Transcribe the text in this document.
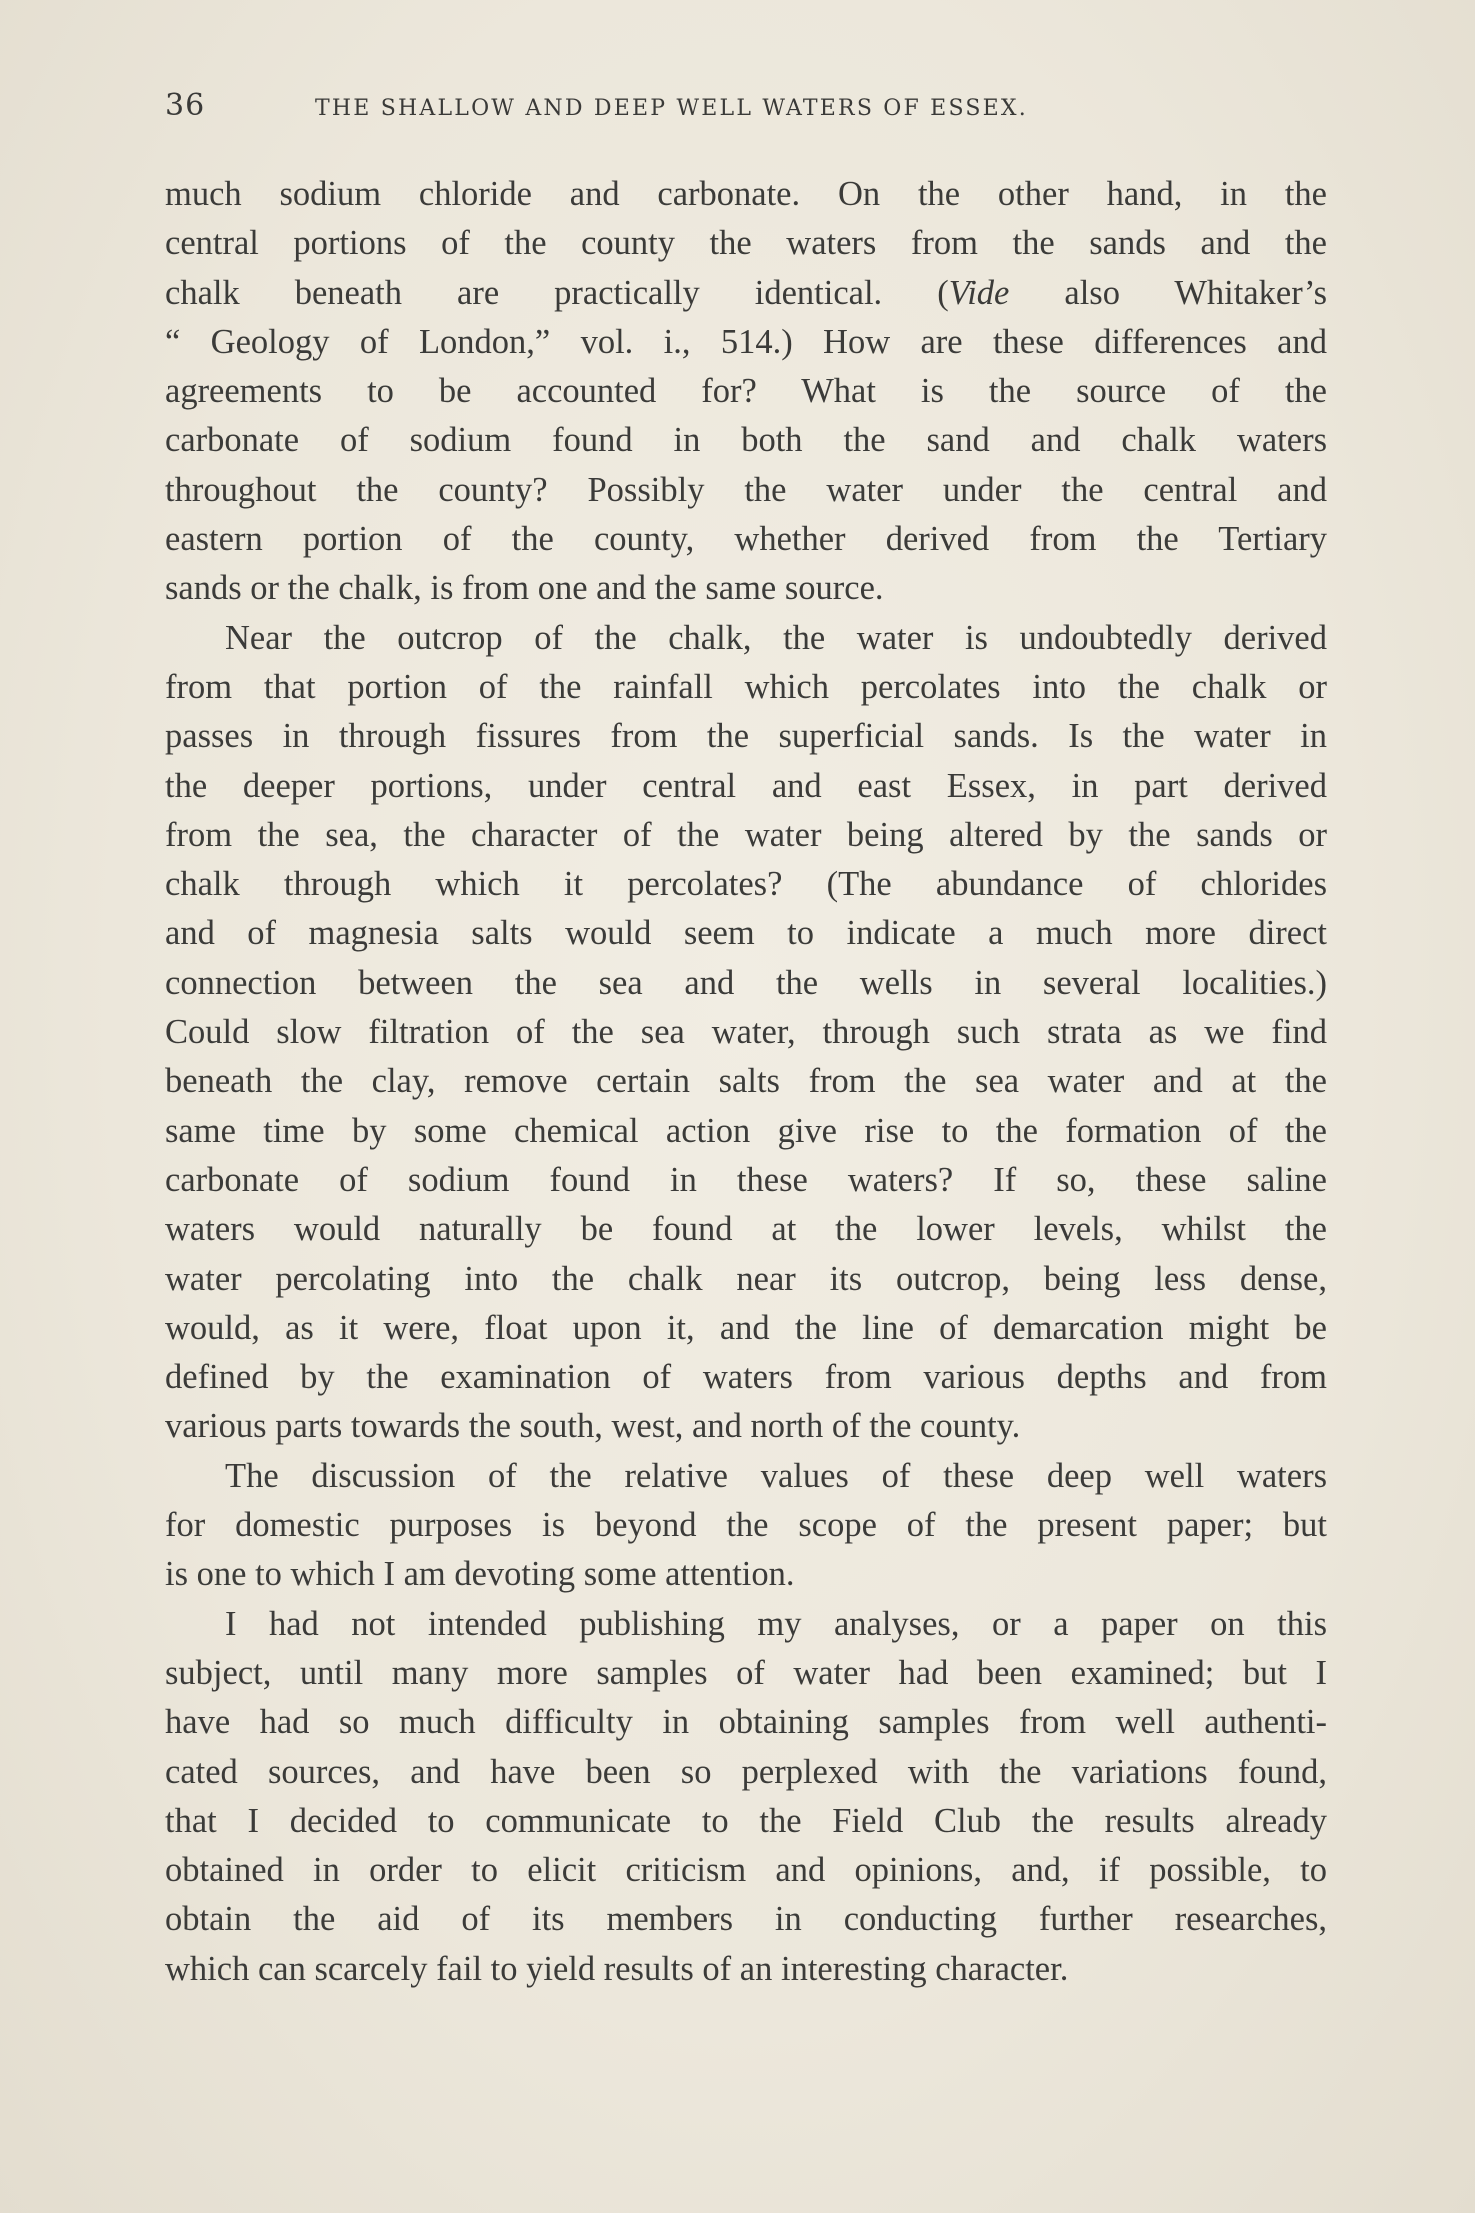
36	THE SHALLOW AND DEEP WELL WATERS OF ESSEX.
much sodium chloride and carbonate. On the other hand, in the
central portions of the county the waters from the sands and the
chalk beneath are practically identical. (Vide also Whitaker’s
“ Geology of London,” vol. i., 514.) How are these differences and
agreements to be accounted for? What is the source of the
carbonate of sodium found in both the sand and chalk waters
throughout the county? Possibly the water under the central and
eastern portion of the county, whether derived from the Tertiary
sands or the chalk, is from one and the same source.
Near the outcrop of the chalk, the water is undoubtedly derived
from that portion of the rainfall which percolates into the chalk or
passes in through fissures from the superficial sands. Is the water in
the deeper portions, under central and east Essex, in part derived
from the sea, the character of the water being altered by the sands or
chalk through which it percolates? (The abundance of chlorides
and of magnesia salts would seem to indicate a much more direct
connection between the sea and the wells in several localities.)
Could slow filtration of the sea water, through such strata as we find
beneath the clay, remove certain salts from the sea water and at the
same time by some chemical action give rise to the formation of the
carbonate of sodium found in these waters? If so, these saline
waters would naturally be found at the lower levels, whilst the
water percolating into the chalk near its outcrop, being less dense,
would, as it were, float upon it, and the line of demarcation might be
defined by the examination of waters from various depths and from
various parts towards the south, west, and north of the county.
The discussion of the relative values of these deep well waters
for domestic purposes is beyond the scope of the present paper; but
is one to which I am devoting some attention.
I had not intended publishing my analyses, or a paper on this
subject, until many more samples of water had been examined; but I
have had so much difficulty in obtaining samples from well authenti-
cated sources, and have been so perplexed with the variations found,
that I decided to communicate to the Field Club the results already
obtained in order to elicit criticism and opinions, and, if possible, to
obtain the aid of its members in conducting further researches,
which can scarcely fail to yield results of an interesting character.
